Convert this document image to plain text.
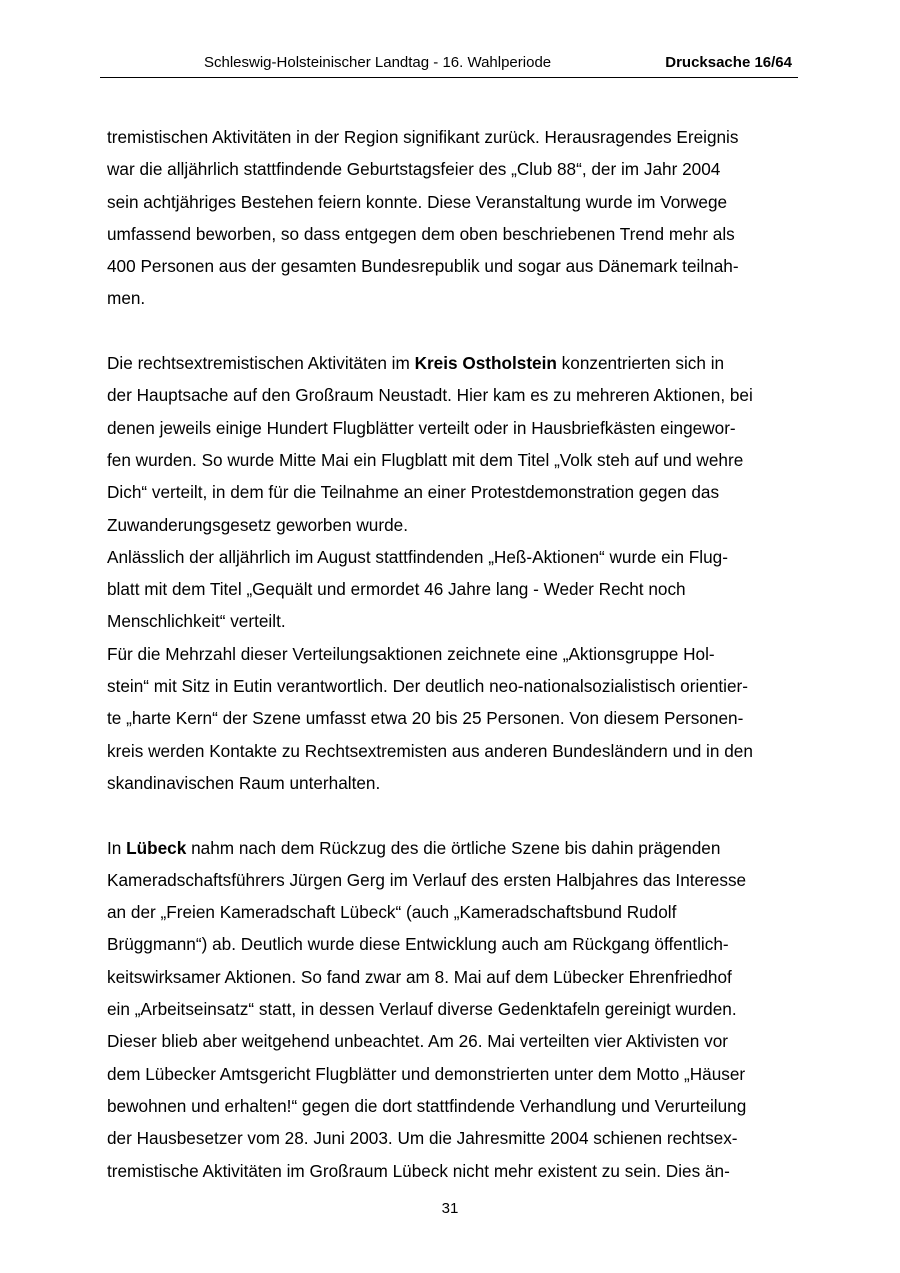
Schleswig-Holsteinischer Landtag - 16. Wahlperiode	Drucksache 16/64
tremistischen Aktivitäten in der Region signifikant zurück. Herausragendes Ereignis
war die alljährlich stattfindende Geburtstagsfeier des „Club 88“, der im Jahr 2004
sein achtjähriges Bestehen feiern konnte. Diese Veranstaltung wurde im Vorwege
umfassend beworben, so dass entgegen dem oben beschriebenen Trend mehr als
400 Personen aus der gesamten Bundesrepublik und sogar aus Dänemark teilnah-
men.
Die rechtsextremistischen Aktivitäten im Kreis Ostholstein konzentrierten sich in
der Hauptsache auf den Großraum Neustadt. Hier kam es zu mehreren Aktionen, bei
denen jeweils einige Hundert Flugblätter verteilt oder in Hausbriefkästen eingewor-
fen wurden. So wurde Mitte Mai ein Flugblatt mit dem Titel „Volk steh auf und wehre
Dich“ verteilt, in dem für die Teilnahme an einer Protestdemonstration gegen das
Zuwanderungsgesetz geworben wurde.
Anlässlich der alljährlich im August stattfindenden „Heß-Aktionen“ wurde ein Flug-
blatt mit dem Titel „Gequält und ermordet 46 Jahre lang - Weder Recht noch
Menschlichkeit“ verteilt.
Für die Mehrzahl dieser Verteilungsaktionen zeichnete eine „Aktionsgruppe Hol-
stein“ mit Sitz in Eutin verantwortlich. Der deutlich neo-nationalsozialistisch orientier-
te „harte Kern“ der Szene umfasst etwa 20 bis 25 Personen. Von diesem Personen-
kreis werden Kontakte zu Rechtsextremisten aus anderen Bundesländern und in den
skandinavischen Raum unterhalten.
In Lübeck nahm nach dem Rückzug des die örtliche Szene bis dahin prägenden
Kameradschaftsführers Jürgen Gerg im Verlauf des ersten Halbjahres das Interesse
an der „Freien Kameradschaft Lübeck“ (auch „Kameradschaftsbund Rudolf
Brüggmann“) ab. Deutlich wurde diese Entwicklung auch am Rückgang öffentlich-
keitswirksamer Aktionen. So fand zwar am 8. Mai auf dem Lübecker Ehrenfriedhof
ein „Arbeitseinsatz“ statt, in dessen Verlauf diverse Gedenktafeln gereinigt wurden.
Dieser blieb aber weitgehend unbeachtet. Am 26. Mai verteilten vier Aktivisten vor
dem Lübecker Amtsgericht Flugblätter und demonstrierten unter dem Motto „Häuser
bewohnen und erhalten!“ gegen die dort stattfindende Verhandlung und Verurteilung
der Hausbesetzer vom 28. Juni 2003. Um die Jahresmitte 2004 schienen rechtsex-
tremistische Aktivitäten im Großraum Lübeck nicht mehr existent zu sein. Dies än-
31
